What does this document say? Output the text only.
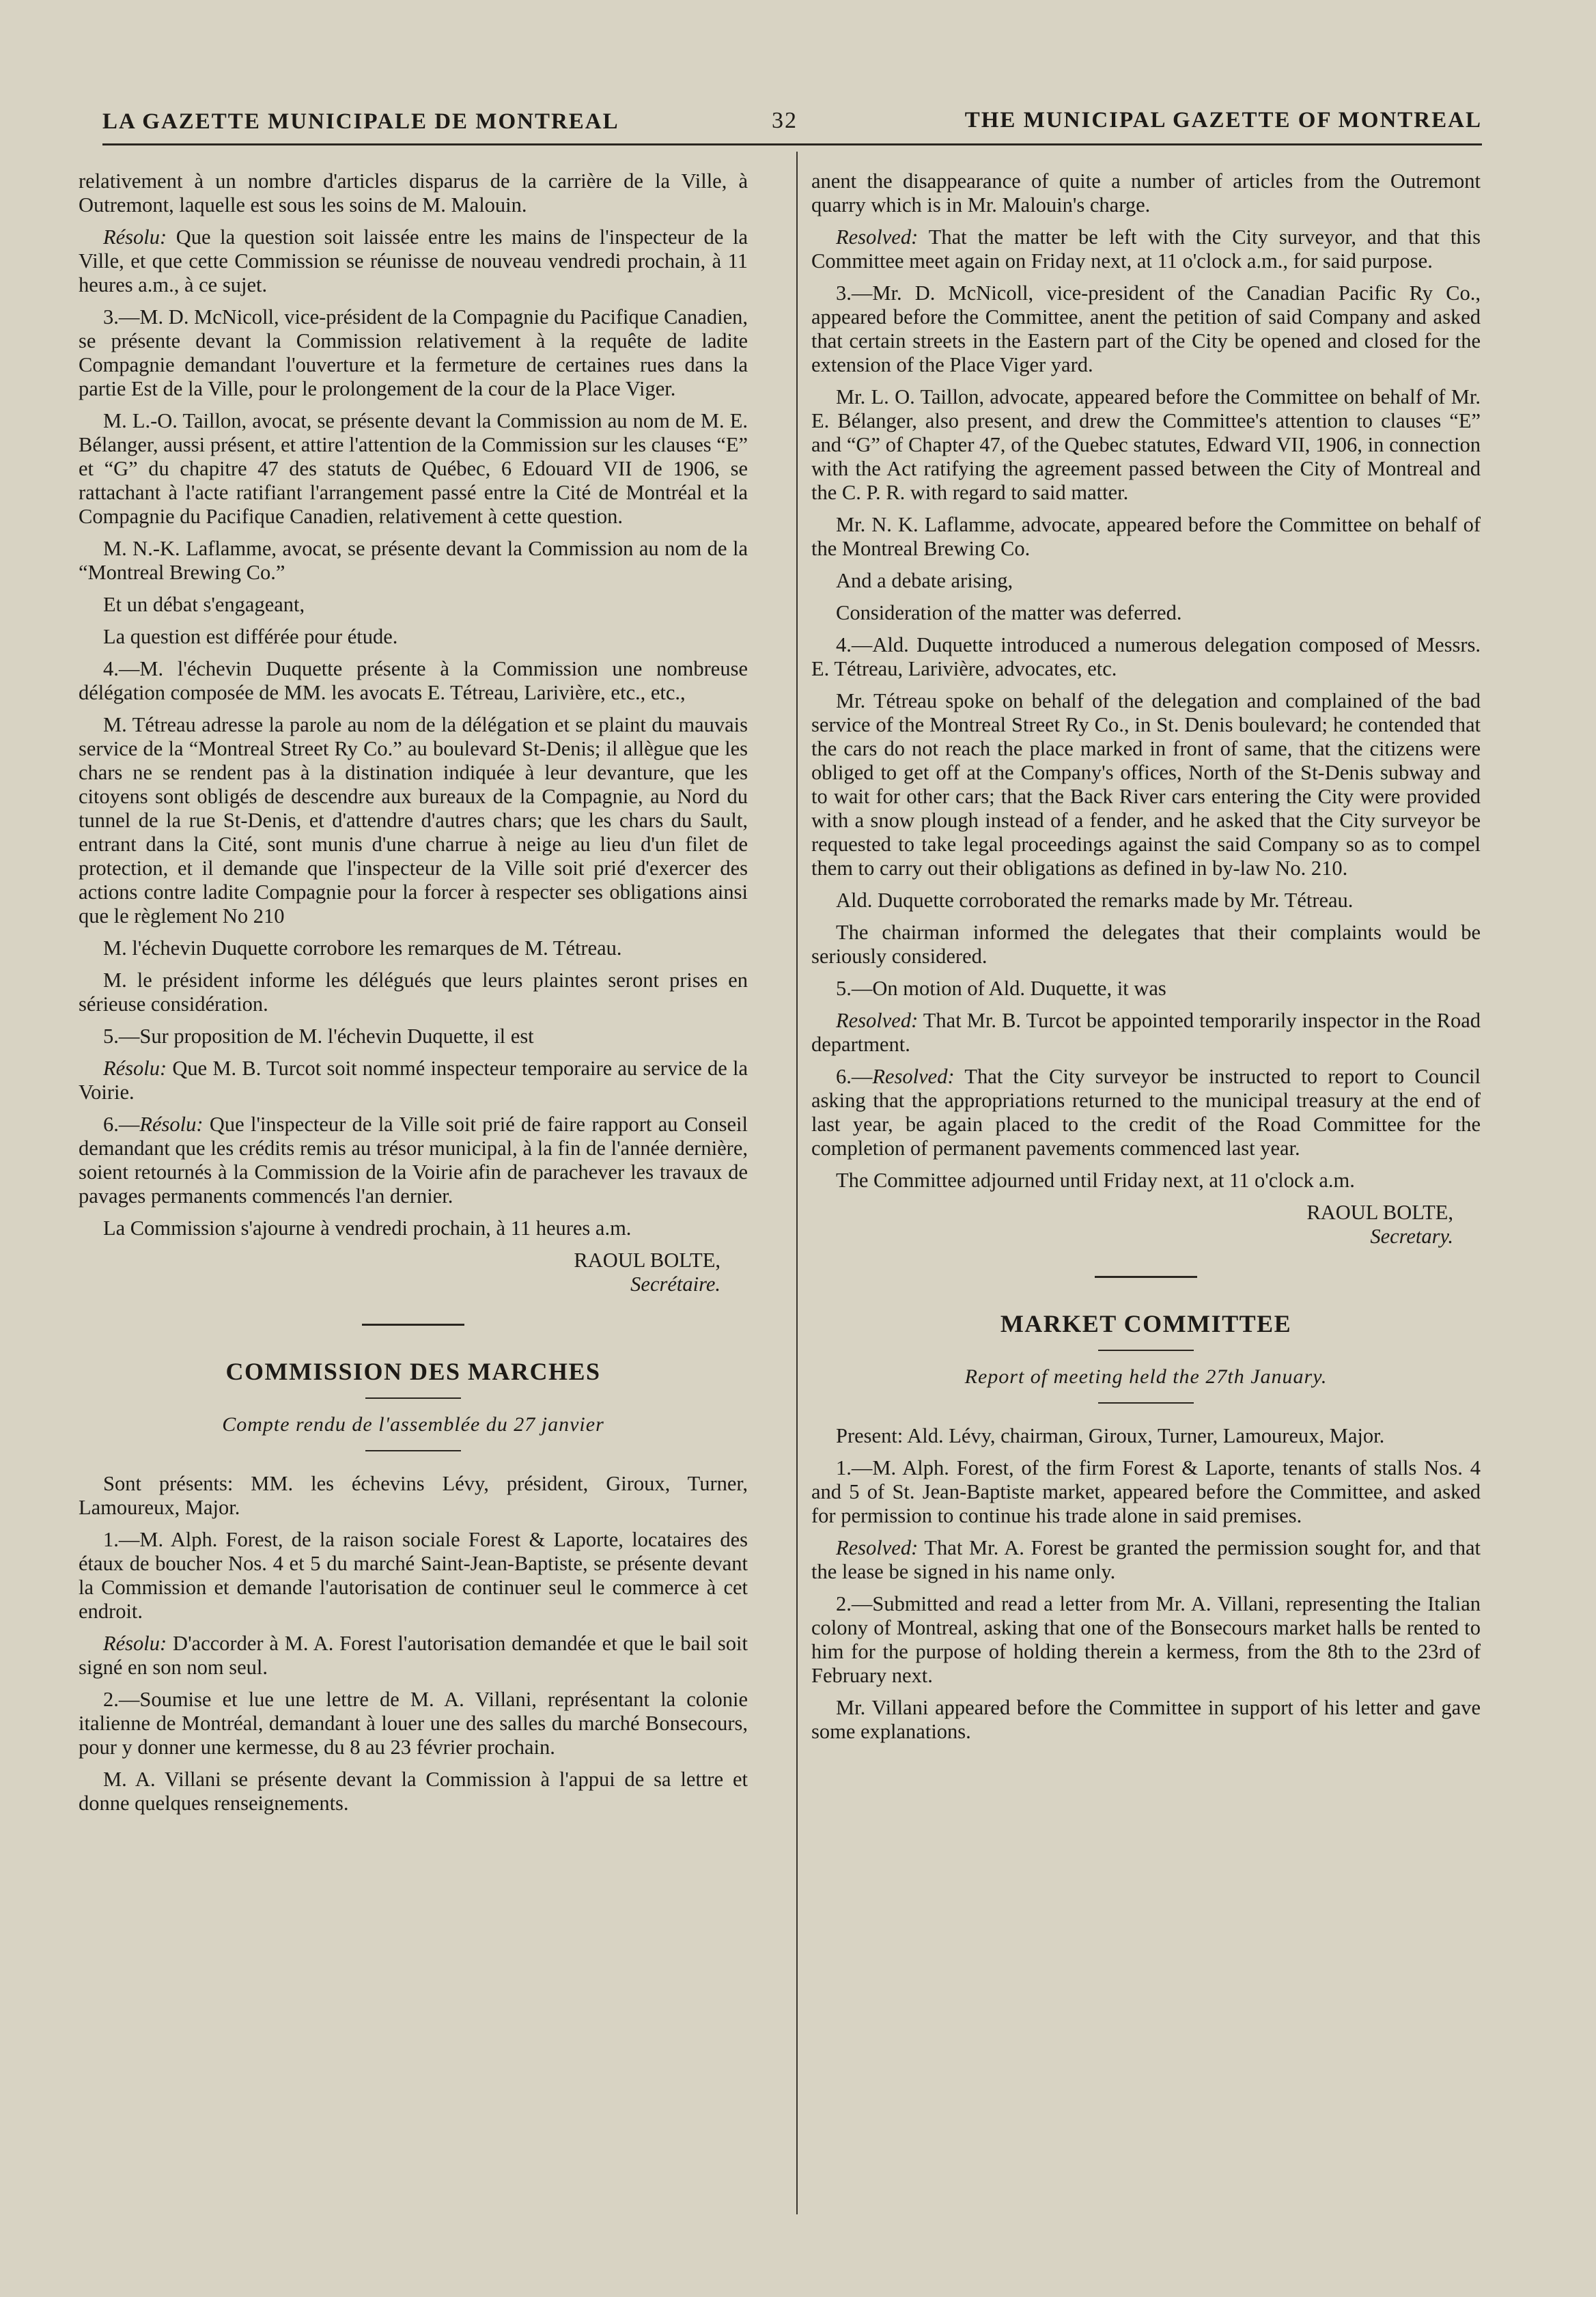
LA GAZETTE MUNICIPALE DE MONTREAL	32	THE MUNICIPAL GAZETTE OF MONTREAL

relativement à un nombre d'articles disparus de la carrière de la Ville, à Outremont, laquelle est sous les soins de M. Malouin.

Résolu: Que la question soit laissée entre les mains de l'inspecteur de la Ville, et que cette Commission se réunisse de nouveau vendredi prochain, à 11 heures a.m., à ce sujet.

3.—M. D. McNicoll, vice-président de la Compagnie du Pacifique Canadien, se présente devant la Commission relativement à la requête de ladite Compagnie demandant l'ouverture et la fermeture de certaines rues dans la partie Est de la Ville, pour le prolongement de la cour de la Place Viger.

M. L.-O. Taillon, avocat, se présente devant la Commission au nom de M. E. Bélanger, aussi présent, et attire l'attention de la Commission sur les clauses “E” et “G” du chapitre 47 des statuts de Québec, 6 Edouard VII de 1906, se rattachant à l'acte ratifiant l'arrangement passé entre la Cité de Montréal et la Compagnie du Pacifique Canadien, relativement à cette question.

M. N.-K. Laflamme, avocat, se présente devant la Commission au nom de la “Montreal Brewing Co.”

Et un débat s'engageant,

La question est différée pour étude.

4.—M. l'échevin Duquette présente à la Commission une nombreuse délégation composée de MM. les avocats E. Tétreau, Larivière, etc., etc.,

M. Tétreau adresse la parole au nom de la délégation et se plaint du mauvais service de la “Montreal Street Ry Co.” au boulevard St-Denis; il allègue que les chars ne se rendent pas à la distination indiquée à leur devanture, que les citoyens sont obligés de descendre aux bureaux de la Compagnie, au Nord du tunnel de la rue St-Denis, et d'attendre d'autres chars; que les chars du Sault, entrant dans la Cité, sont munis d'une charrue à neige au lieu d'un filet de protection, et il demande que l'inspecteur de la Ville soit prié d'exercer des actions contre ladite Compagnie pour la forcer à respecter ses obligations ainsi que le règlement No 210

M. l'échevin Duquette corrobore les remarques de M. Tétreau.

M. le président informe les délégués que leurs plaintes seront prises en sérieuse considération.

5.—Sur proposition de M. l'échevin Duquette, il est

Résolu: Que M. B. Turcot soit nommé inspecteur temporaire au service de la Voirie.

6.—Résolu: Que l'inspecteur de la Ville soit prié de faire rapport au Conseil demandant que les crédits remis au trésor municipal, à la fin de l'année dernière, soient retournés à la Commission de la Voirie afin de parachever les travaux de pavages permanents commencés l'an dernier.

La Commission s'ajourne à vendredi prochain, à 11 heures a.m.

RAOUL BOLTE,
Secrétaire.
COMMISSION DES MARCHES
Compte rendu de l'assemblée du 27 janvier

Sont présents: MM. les échevins Lévy, président, Giroux, Turner, Lamoureux, Major.

1.—M. Alph. Forest, de la raison sociale Forest & Laporte, locataires des étaux de boucher Nos. 4 et 5 du marché Saint-Jean-Baptiste, se présente devant la Commission et demande l'autorisation de continuer seul le commerce à cet endroit.

Résolu: D'accorder à M. A. Forest l'autorisation demandée et que le bail soit signé en son nom seul.

2.—Soumise et lue une lettre de M. A. Villani, représentant la colonie italienne de Montréal, demandant à louer une des salles du marché Bonsecours, pour y donner une kermesse, du 8 au 23 février prochain.

M. A. Villani se présente devant la Commission à l'appui de sa lettre et donne quelques renseignements.

anent the disappearance of quite a number of articles from the Outremont quarry which is in Mr. Malouin's charge.

Resolved: That the matter be left with the City surveyor, and that this Committee meet again on Friday next, at 11 o'clock a.m., for said purpose.

3.—Mr. D. McNicoll, vice-president of the Canadian Pacific Ry Co., appeared before the Committee, anent the petition of said Company and asked that certain streets in the Eastern part of the City be opened and closed for the extension of the Place Viger yard.

Mr. L. O. Taillon, advocate, appeared before the Committee on behalf of Mr. E. Bélanger, also present, and drew the Committee's attention to clauses “E” and “G” of Chapter 47, of the Quebec statutes, Edward VII, 1906, in connection with the Act ratifying the agreement passed between the City of Montreal and the C. P. R. with regard to said matter.

Mr. N. K. Laflamme, advocate, appeared before the Committee on behalf of the Montreal Brewing Co.

And a debate arising,

Consideration of the matter was deferred.

4.—Ald. Duquette introduced a numerous delegation composed of Messrs. E. Tétreau, Larivière, advocates, etc.

Mr. Tétreau spoke on behalf of the delegation and complained of the bad service of the Montreal Street Ry Co., in St. Denis boulevard; he contended that the cars do not reach the place marked in front of same, that the citizens were obliged to get off at the Company's offices, North of the St-Denis subway and to wait for other cars; that the Back River cars entering the City were provided with a snow plough instead of a fender, and he asked that the City surveyor be requested to take legal proceedings against the said Company so as to compel them to carry out their obligations as defined in by-law No. 210.

Ald. Duquette corroborated the remarks made by Mr. Tétreau.

The chairman informed the delegates that their complaints would be seriously considered.

5.—On motion of Ald. Duquette, it was

Resolved: That Mr. B. Turcot be appointed temporarily inspector in the Road department.

6.—Resolved: That the City surveyor be instructed to report to Council asking that the appropriations returned to the municipal treasury at the end of last year, be again placed to the credit of the Road Committee for the completion of permanent pavements commenced last year.

The Committee adjourned until Friday next, at 11 o'clock a.m.

RAOUL BOLTE,
Secretary.
MARKET COMMITTEE
Report of meeting held the 27th January.

Present: Ald. Lévy, chairman, Giroux, Turner, Lamoureux, Major.

1.—M. Alph. Forest, of the firm Forest & Laporte, tenants of stalls Nos. 4 and 5 of St. Jean-Baptiste market, appeared before the Committee, and asked for permission to continue his trade alone in said premises.

Resolved: That Mr. A. Forest be granted the permission sought for, and that the lease be signed in his name only.

2.—Submitted and read a letter from Mr. A. Villani, representing the Italian colony of Montreal, asking that one of the Bonsecours market halls be rented to him for the purpose of holding therein a kermess, from the 8th to the 23rd of February next.

Mr. Villani appeared before the Committee in support of his letter and gave some explanations.
